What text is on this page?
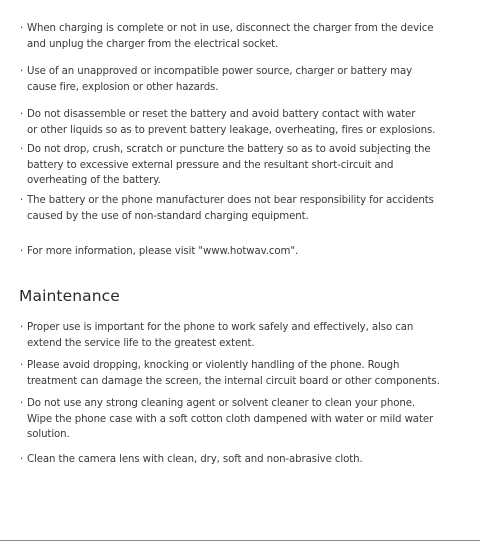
· When charging is complete or not in use, disconnect the charger from the device
and unplug the charger from the electrical socket.
· Use of an unapproved or incompatible power source, charger or battery may
cause fire, explosion or other hazards.
· Do not disassemble or reset the battery and avoid battery contact with water
or other liquids so as to prevent battery leakage, overheating, fires or explosions.
· Do not drop, crush, scratch or puncture the battery so as to avoid subjecting the
battery to excessive external pressure and the resultant short-circuit and
overheating of the battery.
· The battery or the phone manufacturer does not bear responsibility for accidents
caused by the use of non-standard charging equipment.
· For more information, please visit "www.hotwav.com".
Maintenance
· Proper use is important for the phone to work safely and effectively, also can
extend the service life to the greatest extent.
· Please avoid dropping, knocking or violently handling of the phone. Rough
treatment can damage the screen, the internal circuit board or other components.
· Do not use any strong cleaning agent or solvent cleaner to clean your phone.
Wipe the phone case with a soft cotton cloth dampened with water or mild water
solution.
· Clean the camera lens with clean, dry, soft and non-abrasive cloth.
